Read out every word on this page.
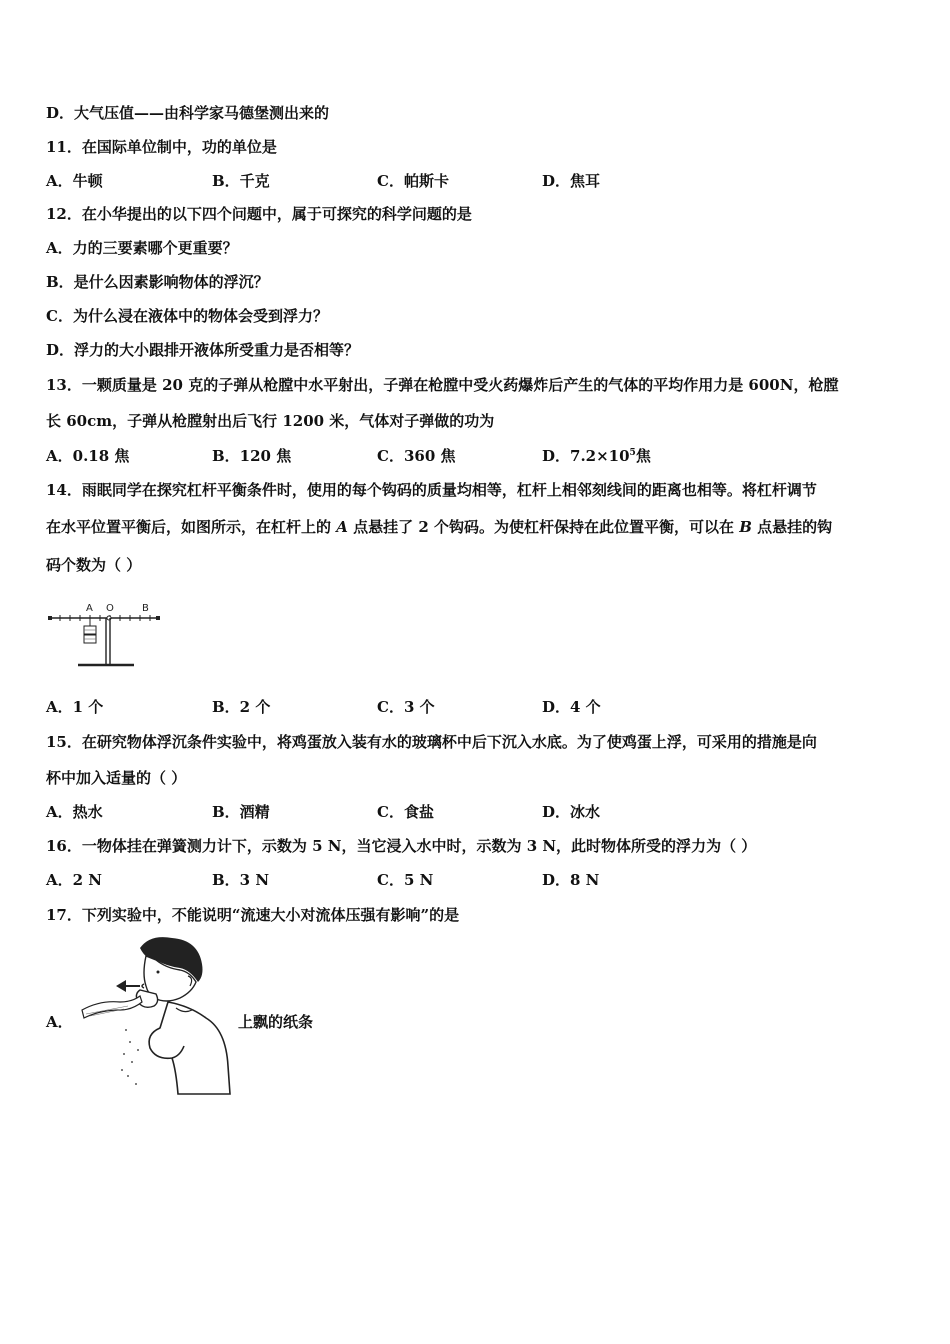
D．大气压值——由科学家马德堡测出来的
11．在国际单位制中，功的单位是
A．牛顿	B．千克	C．帕斯卡	D．焦耳
12．在小华提出的以下四个问题中，属于可探究的科学问题的是
A．力的三要素哪个更重要？
B．是什么因素影响物体的浮沉？
C．为什么浸在液体中的物体会受到浮力？
D．浮力的大小跟排开液体所受重力是否相等？
13．一颗质量是 20 克的子弹从枪膛中水平射出，子弹在枪膛中受火药爆炸后产生的气体的平均作用力是 600N，枪膛
长 60cm，子弹从枪膛射出后飞行 1200 米，气体对子弹做的功为
A．0.18 焦	B．120 焦	C．360 焦	D．$7.2\times 10^5$焦
14．雨眠同学在探究杠杆平衡条件时，使用的每个钩码的质量均相等，杠杆上相邻刻线间的距离也相等。将杠杆调节
在水平位置平衡后，如图所示，在杠杆上的 A 点悬挂了 2 个钩码。为使杠杆保持在此位置平衡，可以在 B 点悬挂的钩
码个数为（ ）
A O	B
A．1 个	B．2 个	C．3 个	D．4 个
15．在研究物体浮沉条件实验中，将鸡蛋放入装有水的玻璃杯中后下沉入水底。为了使鸡蛋上浮，可采用的措施是向
杯中加入适量的（ ）
A．热水	B．酒精	C．食盐	D．冰水
16．一物体挂在弹簧测力计下，示数为 5 N，当它浸入水中时，示数为 3 N，此时物体所受的浮力为（ ）
A．2 N	B．3 N	C．5 N	D．8 N
17．下列实验中，不能说明“流速大小对流体压强有影响”的是
A．	上飘的纸条
